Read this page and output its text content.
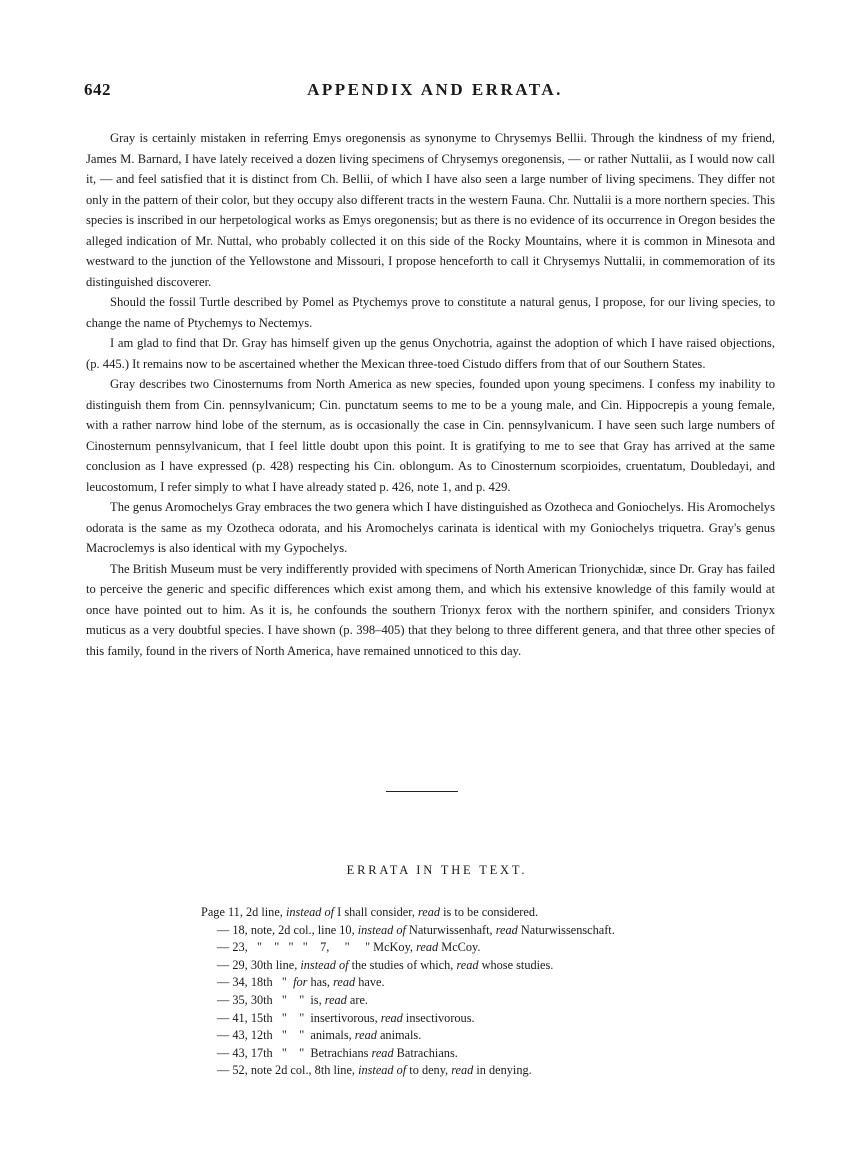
642	APPENDIX AND ERRATA.

Gray is certainly mistaken in referring Emys oregonensis as synonyme to Chrysemys Bellii. Through the kindness of my friend, James M. Barnard, I have lately received a dozen living specimens of Chrysemys oregonensis, — or rather Nuttalii, as I would now call it, — and feel satisfied that it is distinct from Ch. Bellii, of which I have also seen a large number of living specimens. They differ not only in the pattern of their color, but they occupy also different tracts in the western Fauna. Chr. Nuttalii is a more northern species. This species is inscribed in our herpetological works as Emys oregonensis; but as there is no evidence of its occurrence in Oregon besides the alleged indication of Mr. Nuttal, who probably collected it on this side of the Rocky Mountains, where it is common in Minesota and westward to the junction of the Yellowstone and Missouri, I propose henceforth to call it Chrysemys Nuttalii, in commemoration of its distinguished discoverer.

Should the fossil Turtle described by Pomel as Ptychemys prove to constitute a natural genus, I propose, for our living species, to change the name of Ptychemys to Nectemys.

I am glad to find that Dr. Gray has himself given up the genus Onychotria, against the adoption of which I have raised objections, (p. 445.) It remains now to be ascertained whether the Mexican three-toed Cistudo differs from that of our Southern States.

Gray describes two Cinosternums from North America as new species, founded upon young specimens. I confess my inability to distinguish them from Cin. pennsylvanicum; Cin. punctatum seems to me to be a young male, and Cin. Hippocrepis a young female, with a rather narrow hind lobe of the sternum, as is occasionally the case in Cin. pennsylvanicum. I have seen such large numbers of Cinosternum pennsylvanicum, that I feel little doubt upon this point. It is gratifying to me to see that Gray has arrived at the same conclusion as I have expressed (p. 428) respecting his Cin. oblongum. As to Cinosternum scorpioides, cruentatum, Doubledayi, and leucostomum, I refer simply to what I have already stated p. 426, note 1, and p. 429.

The genus Aromochelys Gray embraces the two genera which I have distinguished as Ozotheca and Goniochelys. His Aromochelys odorata is the same as my Ozotheca odorata, and his Aromochelys carinata is identical with my Goniochelys triquetra. Gray's genus Macroclemys is also identical with my Gypochelys.

The British Museum must be very indifferently provided with specimens of North American Trionychidæ, since Dr. Gray has failed to perceive the generic and specific differences which exist among them, and which his extensive knowledge of this family would at once have pointed out to him. As it is, he confounds the southern Trionyx ferox with the northern spinifer, and considers Trionyx muticus as a very doubtful species. I have shown (p. 398–405) that they belong to three different genera, and that three other species of this family, found in the rivers of North America, have remained unnoticed to this day.

ERRATA IN THE TEXT.
Page 11, 2d line, instead of I shall consider, read is to be considered.
— 18, note, 2d col., line 10, instead of Naturwissenhaft, read Naturwissenschaft.
— 23,   "    "   "   "    7,     "     " McKoy, read McCoy.
— 29, 30th line, instead of the studies of which, read whose studies.
— 34, 18th   "  for has, read have.
— 35, 30th   "    "  is, read are.
— 41, 15th   "    "  insertivorous, read insectivorous.
— 43, 12th   "    "  animals, read animals.
— 43, 17th   "    "  Betrachians read Batrachians.
— 52, note 2d col., 8th line, instead of to deny, read in denying.
